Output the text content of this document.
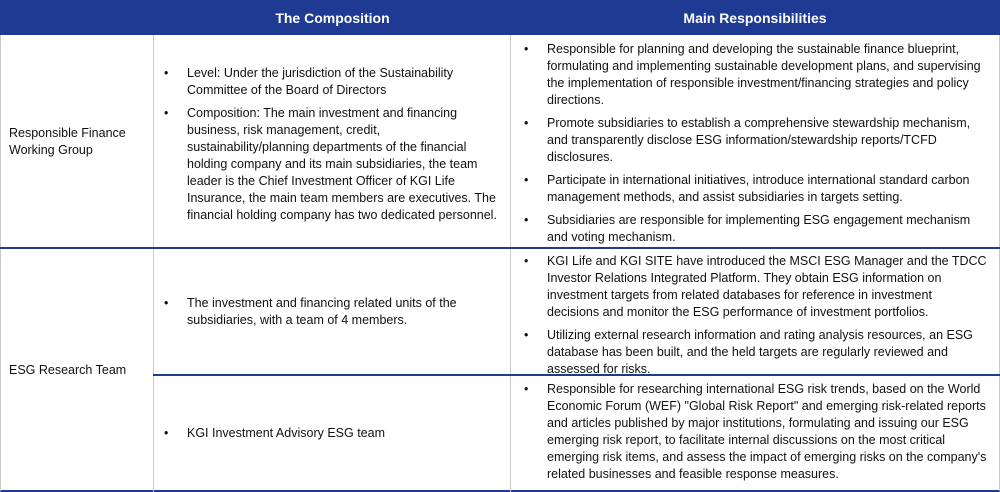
The Composition	Main Responsibilities
Responsible Finance Working Group
• Level: Under the jurisdiction of the Sustainability Committee of the Board of Directors
• Composition: The main investment and financing business, risk management, credit, sustainability/planning departments of the financial holding company and its main subsidiaries, the team leader is the Chief Investment Officer of KGI Life Insurance, the main team members are executives. The financial holding company has two dedicated personnel.
• Responsible for planning and developing the sustainable finance blueprint, formulating and implementing sustainable development plans, and supervising the implementation of responsible investment/financing strategies and policy directions.
• Promote subsidiaries to establish a comprehensive stewardship mechanism, and transparently disclose ESG information/stewardship reports/TCFD disclosures.
• Participate in international initiatives, introduce international standard carbon management methods, and assist subsidiaries in targets setting.
• Subsidiaries are responsible for implementing ESG engagement mechanism and voting mechanism.
ESG Research Team
• The investment and financing related units of the subsidiaries, with a team of 4 members.
• KGI Life and KGI SITE have introduced the MSCI ESG Manager and the TDCC Investor Relations Integrated Platform. They obtain ESG information on investment targets from related databases for reference in investment decisions and monitor the ESG performance of investment portfolios.
• Utilizing external research information and rating analysis resources, an ESG database has been built, and the held targets are regularly reviewed and assessed for risks.
• KGI Investment Advisory ESG team
• Responsible for researching international ESG risk trends, based on the World Economic Forum (WEF) "Global Risk Report" and emerging risk-related reports and articles published by major institutions, formulating and issuing our ESG emerging risk report, to facilitate internal discussions on the most critical emerging risk items, and assess the impact of emerging risks on the company's related businesses and feasible response measures.
